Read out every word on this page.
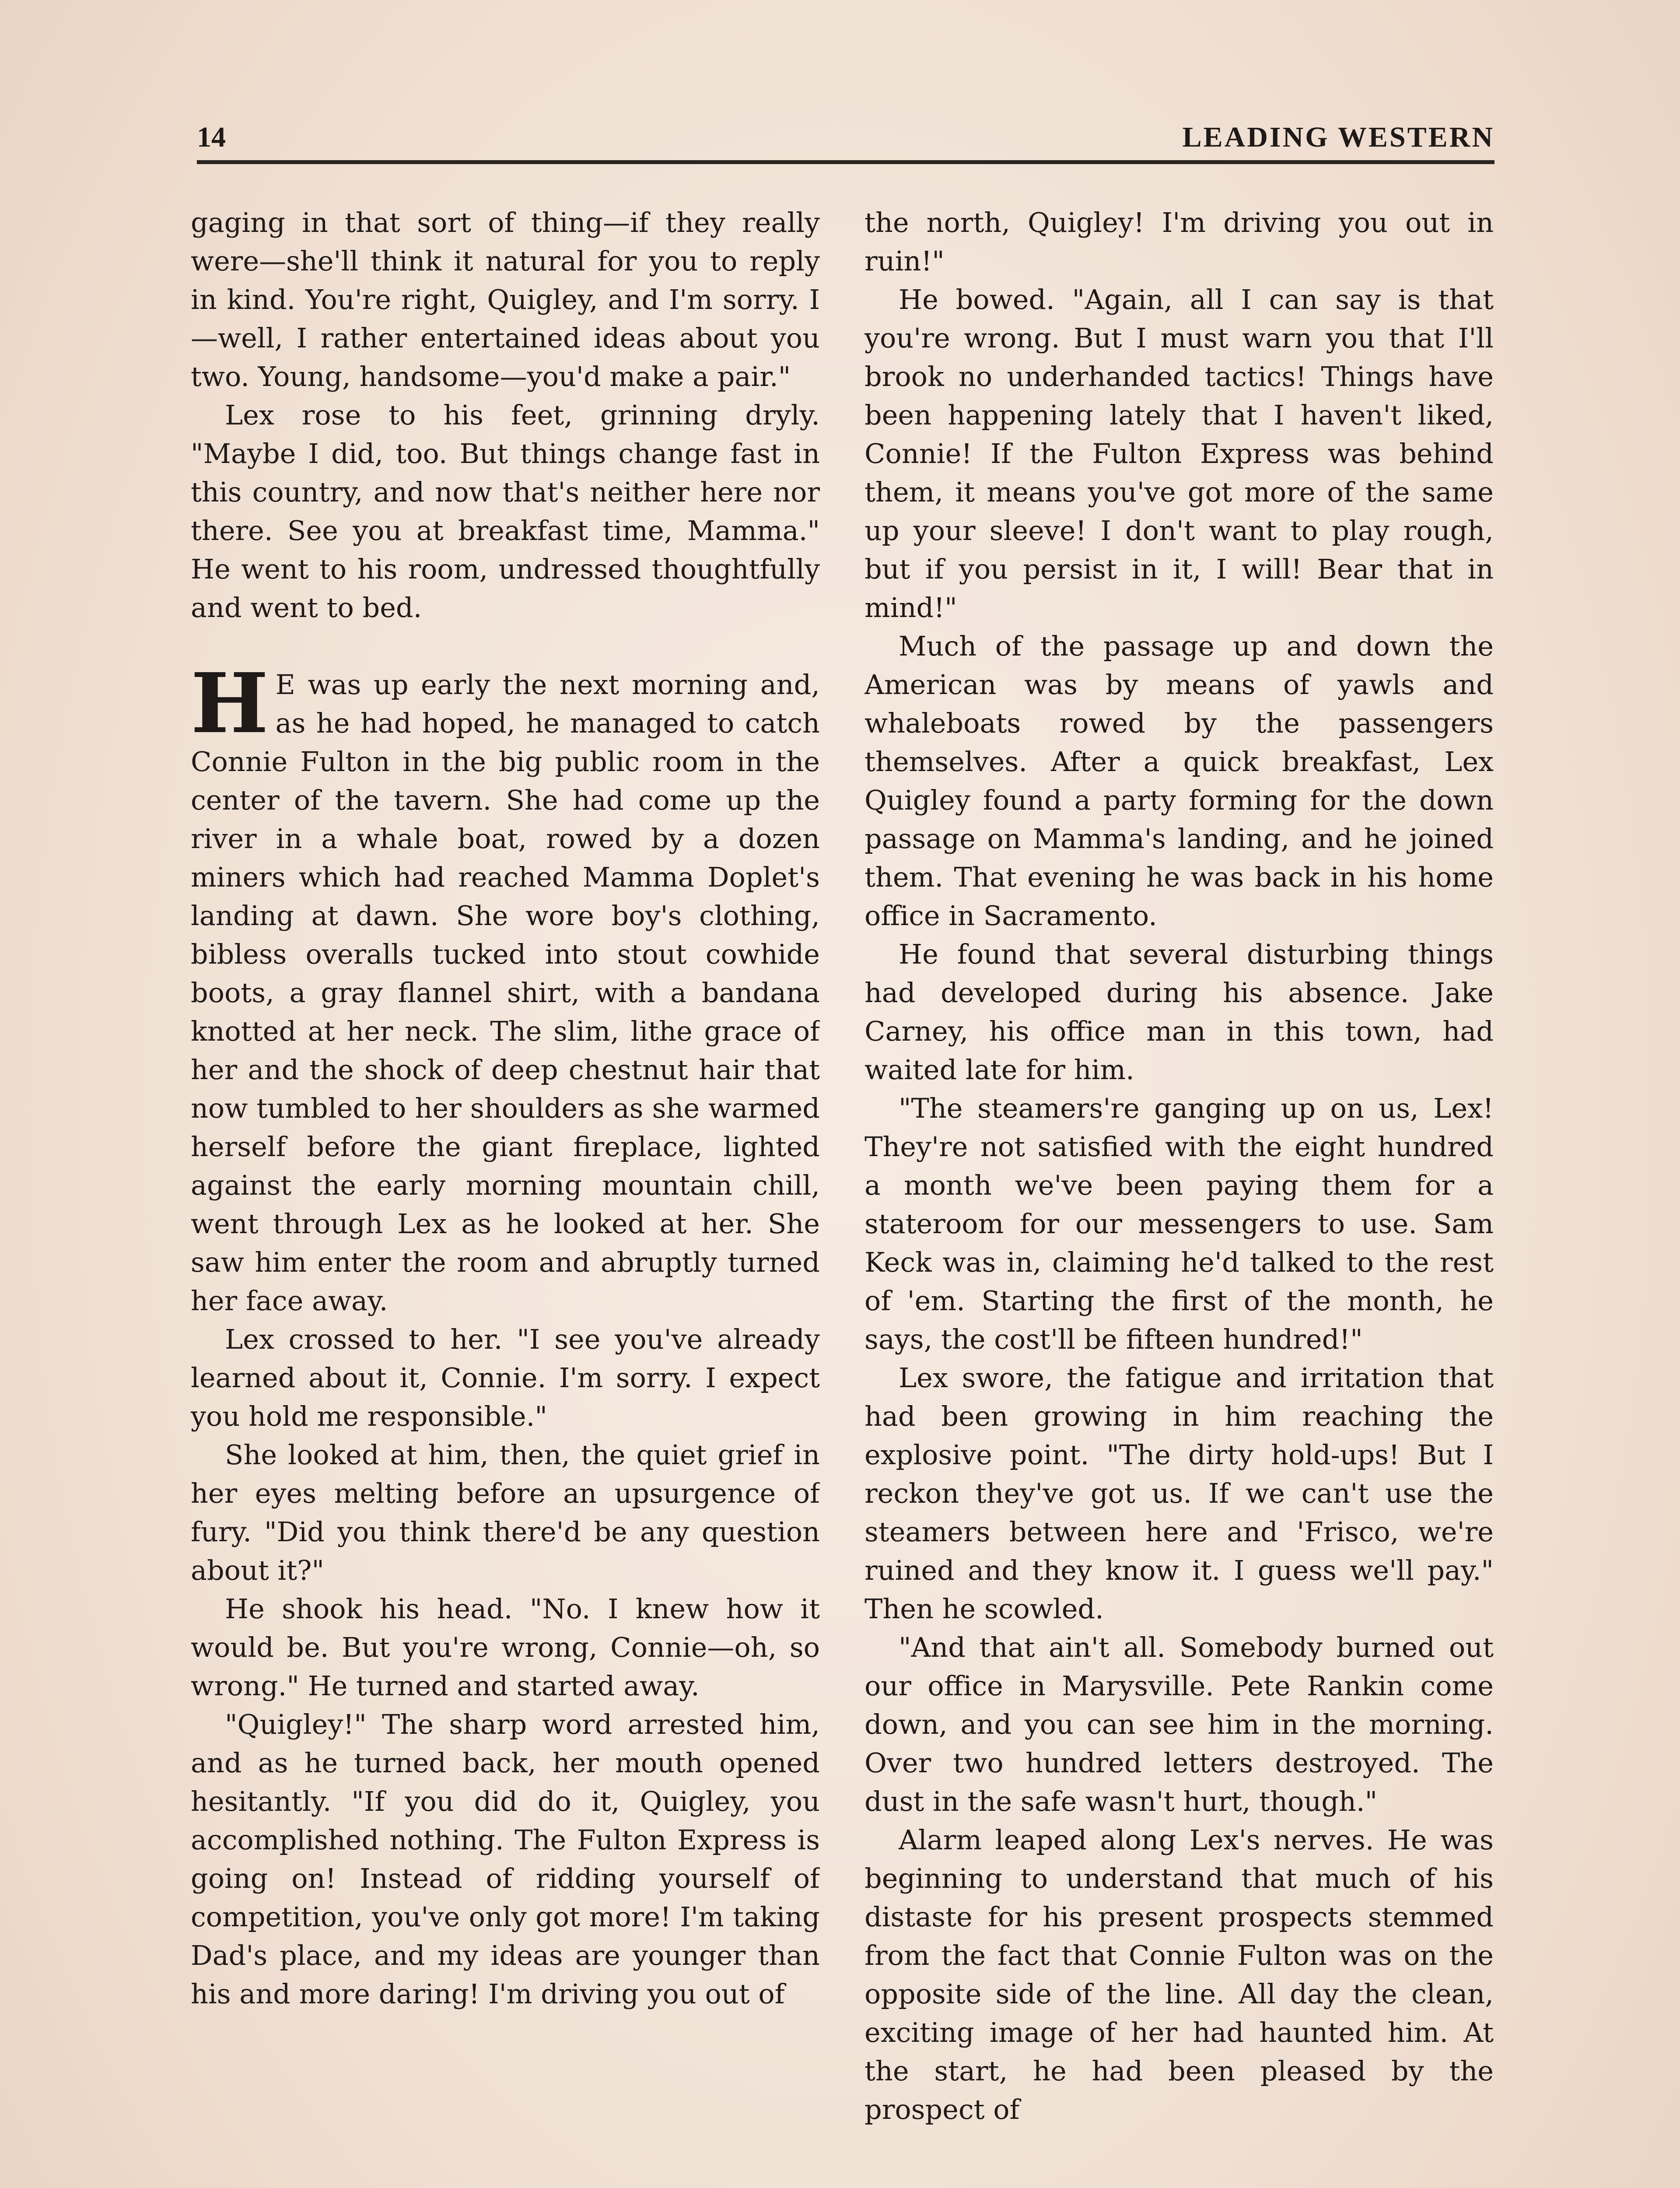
14	LEADING WESTERN

gaging in that sort of thing—if they really were—she'll think it natural for you to reply in kind. You're right, Quigley, and I'm sorry. I—well, I rather entertained ideas about you two. Young, handsome—you'd make a pair."

Lex rose to his feet, grinning dryly. "Maybe I did, too. But things change fast in this country, and now that's neither here nor there. See you at breakfast time, Mamma." He went to his room, undressed thoughtfully and went to bed.

H E was up early the next morning and, as he had hoped, he managed to catch Connie Fulton in the big public room in the center of the tavern. She had come up the river in a whale boat, rowed by a dozen miners which had reached Mamma Doplet's landing at dawn. She wore boy's clothing, bibless overalls tucked into stout cowhide boots, a gray flannel shirt, with a bandana knotted at her neck. The slim, lithe grace of her and the shock of deep chestnut hair that now tumbled to her shoulders as she warmed herself before the giant fireplace, lighted against the early morning mountain chill, went through Lex as he looked at her. She saw him enter the room and abruptly turned her face away.

Lex crossed to her. "I see you've already learned about it, Connie. I'm sorry. I expect you hold me responsible."

She looked at him, then, the quiet grief in her eyes melting before an upsurgence of fury. "Did you think there'd be any question about it?"

He shook his head. "No. I knew how it would be. But you're wrong, Connie—oh, so wrong." He turned and started away.

"Quigley!" The sharp word arrested him, and as he turned back, her mouth opened hesitantly. "If you did do it, Quigley, you accomplished nothing. The Fulton Express is going on! Instead of ridding yourself of competition, you've only got more! I'm taking Dad's place, and my ideas are younger than his and more daring! I'm driving you out of

the north, Quigley! I'm driving you out in ruin!"

He bowed. "Again, all I can say is that you're wrong. But I must warn you that I'll brook no underhanded tactics! Things have been happening lately that I haven't liked, Connie! If the Fulton Express was behind them, it means you've got more of the same up your sleeve! I don't want to play rough, but if you persist in it, I will! Bear that in mind!"

Much of the passage up and down the American was by means of yawls and whaleboats rowed by the passengers themselves. After a quick breakfast, Lex Quigley found a party forming for the down passage on Mamma's landing, and he joined them. That evening he was back in his home office in Sacramento.

He found that several disturbing things had developed during his absence. Jake Carney, his office man in this town, had waited late for him.

"The steamers're ganging up on us, Lex! They're not satisfied with the eight hundred a month we've been paying them for a stateroom for our messengers to use. Sam Keck was in, claiming he'd talked to the rest of 'em. Starting the first of the month, he says, the cost'll be fifteen hundred!"

Lex swore, the fatigue and irritation that had been growing in him reaching the explosive point. "The dirty hold-ups! But I reckon they've got us. If we can't use the steamers between here and 'Frisco, we're ruined and they know it. I guess we'll pay." Then he scowled.

"And that ain't all. Somebody burned out our office in Marysville. Pete Rankin come down, and you can see him in the morning. Over two hundred letters destroyed. The dust in the safe wasn't hurt, though."

Alarm leaped along Lex's nerves. He was beginning to understand that much of his distaste for his present prospects stemmed from the fact that Connie Fulton was on the opposite side of the line. All day the clean, exciting image of her had haunted him. At the start, he had been pleased by the prospect of
